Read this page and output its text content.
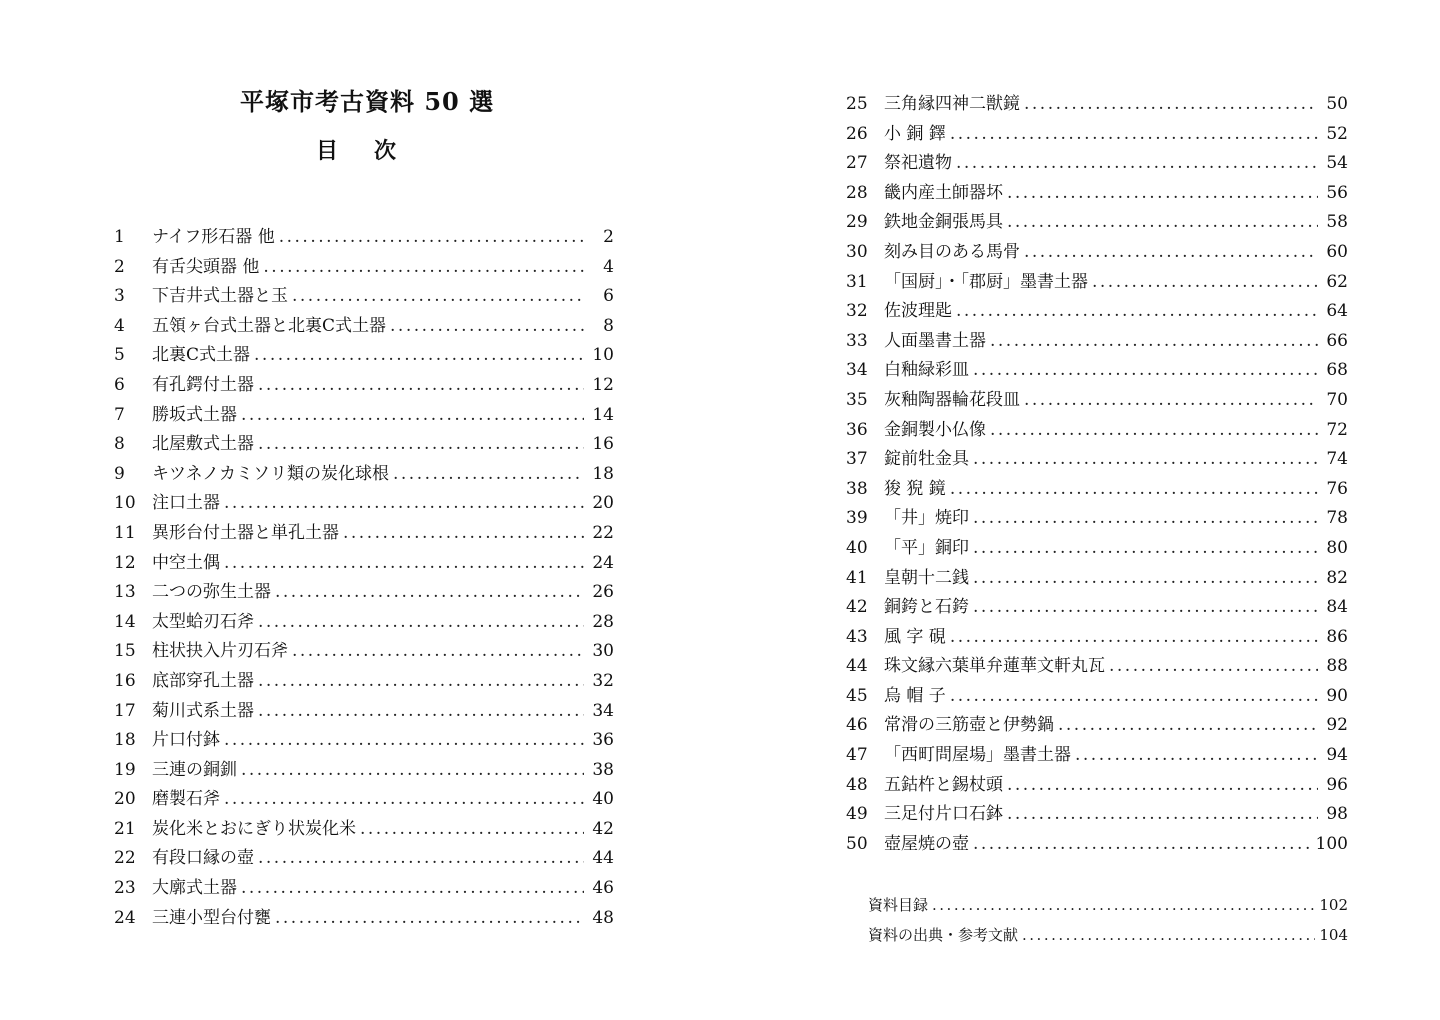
平塚市考古資料 50 選
目次
1	ナイフ形石器 他 .....	2
2	有舌尖頭器 他 .....	4
3	下吉井式土器と玉 .....	6
4	五領ヶ台式土器と北裏C式土器 .....	8
5	北裏C式土器 .....	10
6	有孔鍔付土器 .....	12
7	勝坂式土器 .....	14
8	北屋敷式土器 .....	16
9	キツネノカミソリ類の炭化球根 .....	18
10 注口土器 .....	20
11 異形台付土器と単孔土器 .....	22
12 中空土偶 .....	24
13 二つの弥生土器 .....	26
14 太型蛤刃石斧 .....	28
15 柱状抉入片刃石斧 .....	30
16 底部穿孔土器 .....	32
17 菊川式系土器 .....	34
18 片口付鉢 .....	36
19 三連の銅釧 .....	38
20 磨製石斧 .....	40
21 炭化米とおにぎり状炭化米 .....	42
22 有段口縁の壺 .....	44
23 大廓式土器 .....	46
24 三連小型台付甕 .....	48
25 三角縁四神二獣鏡 .....	50
26 小 銅 鐸 .....	52
27 祭祀遺物 .....	54
28 畿内産土師器坏 .....	56
29 鉄地金銅張馬具 .....	58
30 刻み目のある馬骨 .....	60
31 「国厨」・「郡厨」墨書土器 .....	62
32 佐波理匙 .....	64
33 人面墨書土器 .....	66
34 白釉緑彩皿 .....	68
35 灰釉陶器輪花段皿 .....	70
36 金銅製小仏像 .....	72
37 錠前牡金具 .....	74
38 狻 猊 鏡 .....	76
39 「井」焼印 .....	78
40 「平」銅印 .....	80
41 皇朝十二銭 .....	82
42 銅銙と石銙 .....	84
43 風 字 硯 .....	86
44 珠文縁六葉単弁蓮華文軒丸瓦 .....	88
45 烏 帽 子 .....	90
46 常滑の三筋壺と伊勢鍋 .....	92
47 「西町問屋場」墨書土器 .....	94
48 五鈷杵と錫杖頭 .....	96
49 三足付片口石鉢 .....	98
50 壺屋焼の壺 .....	100
資料目録 .....	102
資料の出典・参考文献 .....	104
